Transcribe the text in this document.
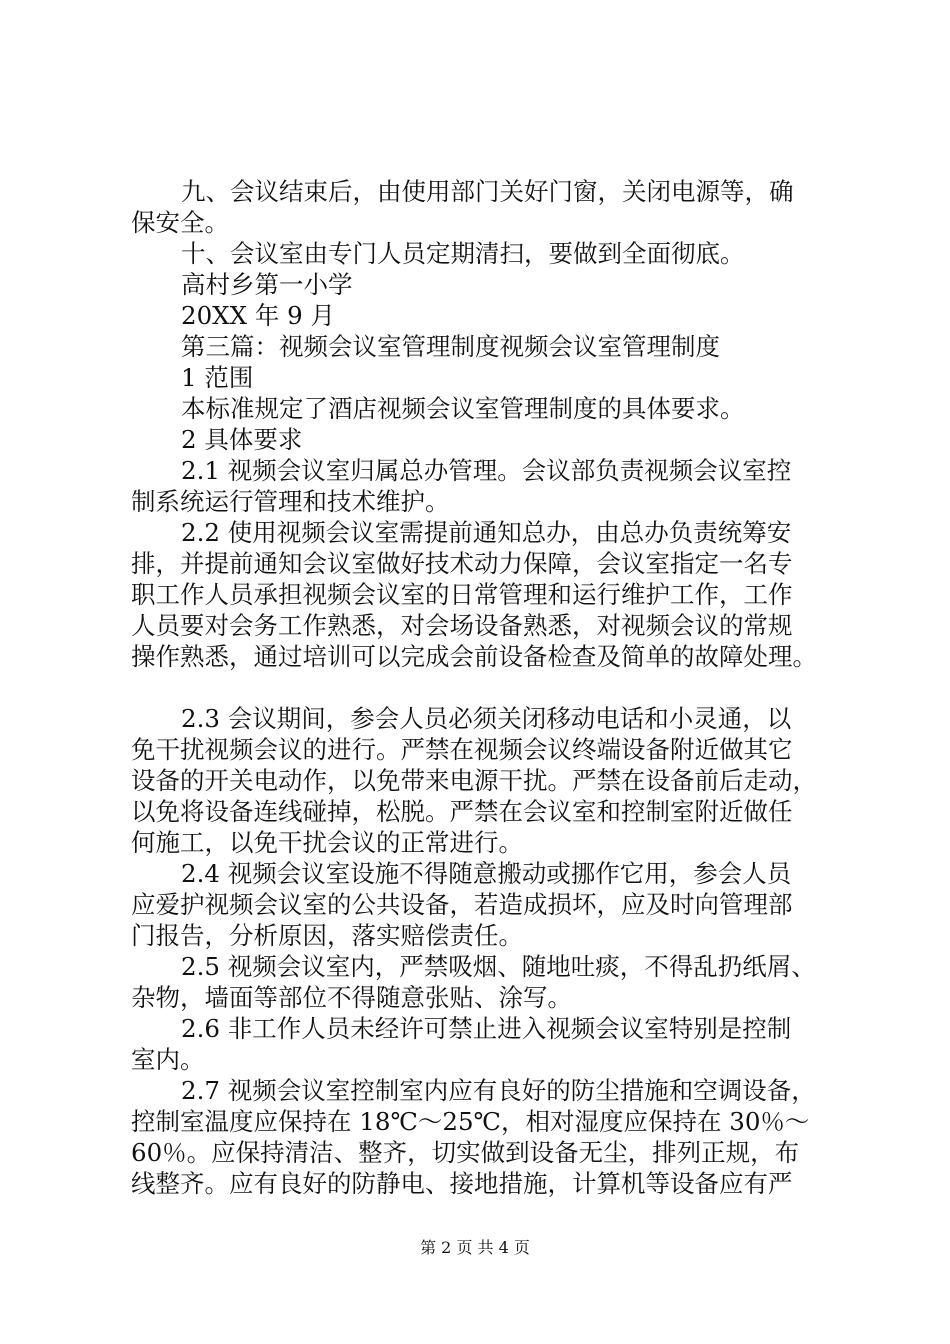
九、会议结束后，由使用部门关好门窗，关闭电源等，确
保安全。
十、会议室由专门人员定期清扫，要做到全面彻底。
高村乡第一小学
20XX 年 9 月
第三篇：视频会议室管理制度视频会议室管理制度
1 范围
本标准规定了酒店视频会议室管理制度的具体要求。
2 具体要求
2.1 视频会议室归属总办管理。会议部负责视频会议室控
制系统运行管理和技术维护。
2.2 使用视频会议室需提前通知总办，由总办负责统筹安
排，并提前通知会议室做好技术动力保障，会议室指定一名专
职工作人员承担视频会议室的日常管理和运行维护工作，工作
人员要对会务工作熟悉，对会场设备熟悉，对视频会议的常规
操作熟悉，通过培训可以完成会前设备检查及简单的故障处理。
2.3 会议期间，参会人员必须关闭移动电话和小灵通，以
免干扰视频会议的进行。严禁在视频会议终端设备附近做其它
设备的开关电动作，以免带来电源干扰。严禁在设备前后走动，
以免将设备连线碰掉，松脱。严禁在会议室和控制室附近做任
何施工，以免干扰会议的正常进行。
2.4 视频会议室设施不得随意搬动或挪作它用，参会人员
应爱护视频会议室的公共设备，若造成损坏，应及时向管理部
门报告，分析原因，落实赔偿责任。
2.5 视频会议室内，严禁吸烟、随地吐痰，不得乱扔纸屑、
杂物，墙面等部位不得随意张贴、涂写。
2.6 非工作人员未经许可禁止进入视频会议室特别是控制
室内。
2.7 视频会议室控制室内应有良好的防尘措施和空调设备，
控制室温度应保持在 18℃～25℃，相对湿度应保持在 30％～
60％。应保持清洁、整齐，切实做到设备无尘，排列正规，布
线整齐。应有良好的防静电、接地措施，计算机等设备应有严
第 2 页 共 4 页
